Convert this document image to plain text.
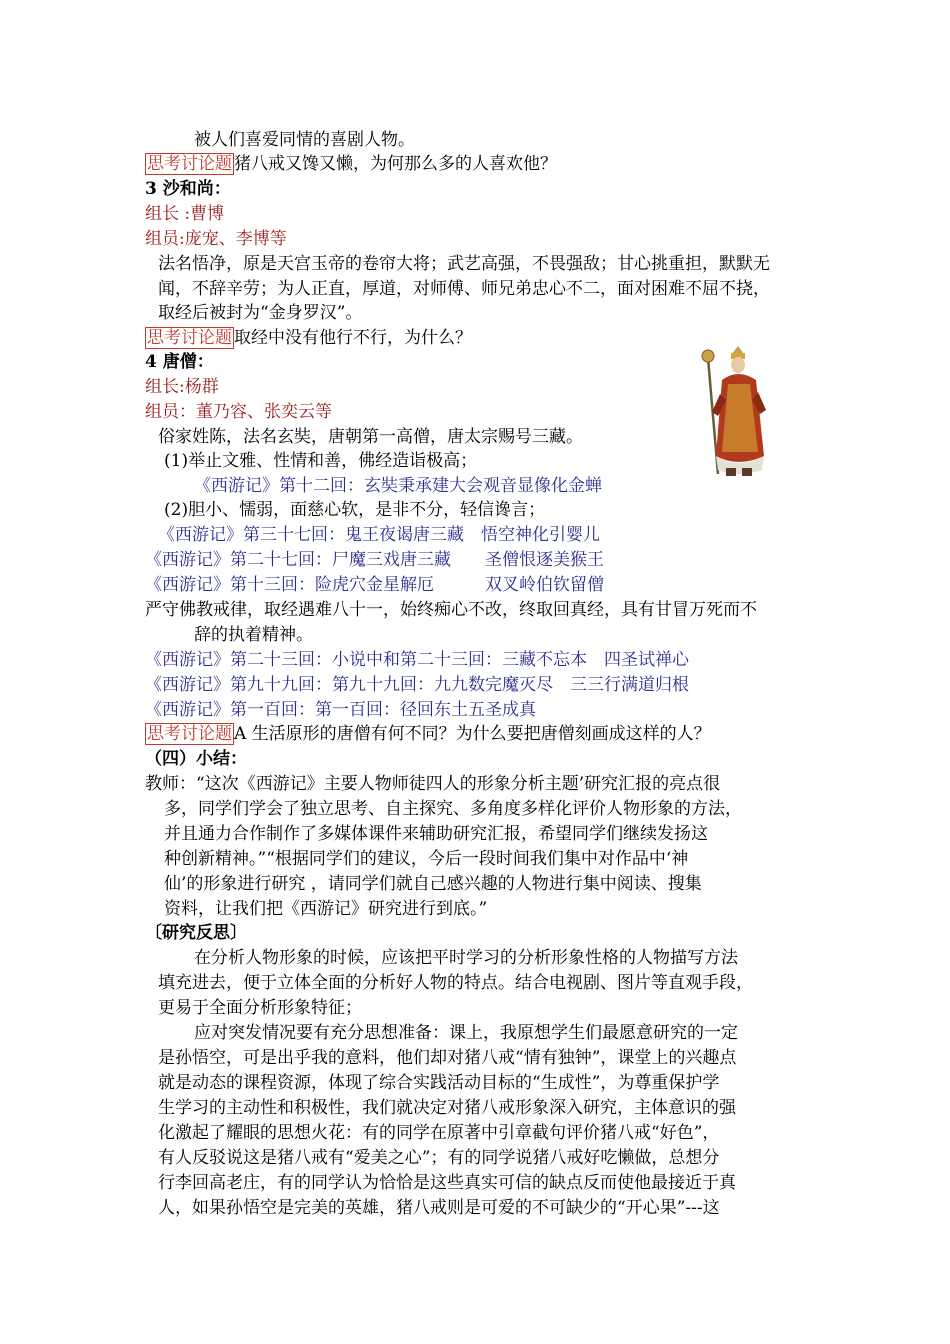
被人们喜爱同情的喜剧人物。
思考讨论题 猪八戒又馋又懒，为何那么多的人喜欢他？
3 沙和尚：
组长 :曹博
组员:庞宠、李博等
法名悟净，原是天宫玉帝的卷帘大将；武艺高强，不畏强敌；甘心挑重担，默默无
闻，不辞辛劳；为人正直，厚道，对师傅、师兄弟忠心不二，面对困难不屈不挠，
取经后被封为“金身罗汉”。
思考讨论题 取经中没有他行不行，为什么？
4 唐僧：
组长:杨群
组员：董乃容、张奕云等
俗家姓陈，法名玄奘，唐朝第一高僧，唐太宗赐号三藏。
(1)举止文雅、性情和善，佛经造诣极高；
《西游记》第十二回：玄奘秉承建大会观音显像化金蝉
(2)胆小、懦弱，面慈心软，是非不分，轻信谗言；
《西游记》第三十七回：鬼王夜谒唐三藏　悟空神化引婴儿
《西游记》第二十七回：尸魔三戏唐三藏　　圣僧恨逐美猴王
《西游记》第十三回：险虎穴金星解厄　　　双叉岭伯钦留僧
严守佛教戒律，取经遇难八十一，始终痴心不改，终取回真经，具有甘冒万死而不
辞的执着精神。
《西游记》第二十三回：小说中和第二十三回：三藏不忘本　四圣试禅心
《西游记》第九十九回：第九十九回：九九数完魔灭尽　三三行满道归根
《西游记》第一百回：第一百回：径回东土五圣成真
思考讨论题 A 生活原形的唐僧有何不同？为什么要把唐僧刻画成这样的人？
（四）小结：
教师：“这次《西游记》主要人物师徒四人的形象分析主题’研究汇报的亮点很
多，同学们学会了独立思考、自主探究、多角度多样化评价人物形象的方法，
并且通力合作制作了多媒体课件来辅助研究汇报，希望同学们继续发扬这
种创新精神。”“根据同学们的建议，今后一段时间我们集中对作品中‘神
仙’的形象进行研究 ，请同学们就自己感兴趣的人物进行集中阅读、搜集
资料，让我们把《西游记》研究进行到底。”
〔研究反思〕
在分析人物形象的时候，应该把平时学习的分析形象性格的人物描写方法
填充进去，便于立体全面的分析好人物的特点。结合电视剧、图片等直观手段，
更易于全面分析形象特征；
应对突发情况要有充分思想准备：课上，我原想学生们最愿意研究的一定
是孙悟空，可是出乎我的意料，他们却对猪八戒“情有独钟”，课堂上的兴趣点
就是动态的课程资源，体现了综合实践活动目标的“生成性”，为尊重保护学
生学习的主动性和积极性，我们就决定对猪八戒形象深入研究，主体意识的强
化激起了耀眼的思想火花：有的同学在原著中引章截句评价猪八戒“好色”，
有人反驳说这是猪八戒有“爱美之心”；有的同学说猪八戒好吃懒做，总想分
行李回高老庄，有的同学认为恰恰是这些真实可信的缺点反而使他最接近于真
人，如果孙悟空是完美的英雄，猪八戒则是可爱的不可缺少的“开心果”---这
